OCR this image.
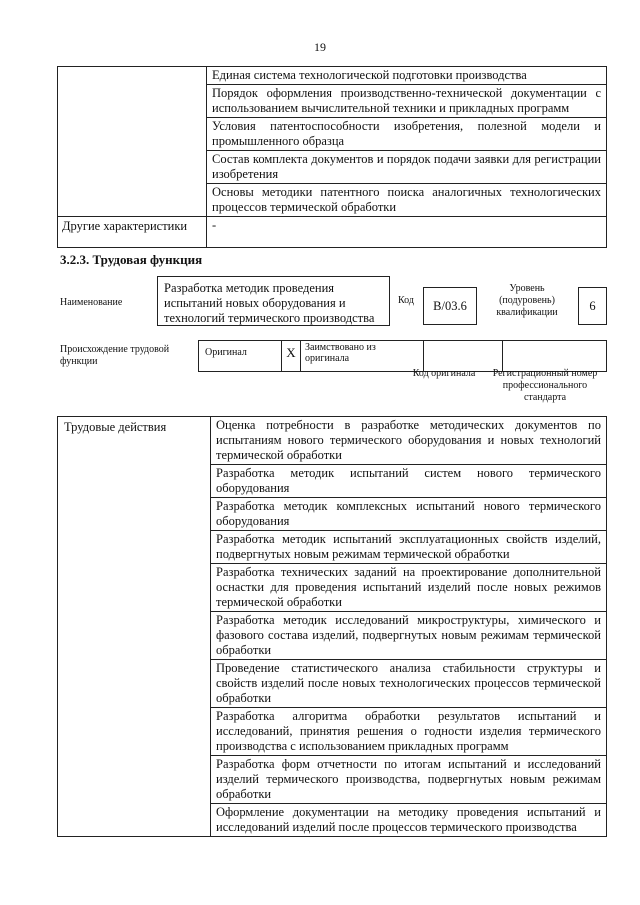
19
	Единая система технологической подготовки производства
	Порядок оформления производственно-технической документации с использованием вычислительной техники и прикладных программ
	Условия патентоспособности изобретения, полезной модели и промышленного образца
	Состав комплекта документов и порядок подачи заявки для регистрации изобретения
	Основы методики патентного поиска аналогичных технологических процессов термической обработки
Другие характеристики	-
3.2.3. Трудовая функция
Наименование
Разработка методик проведения испытаний новых оборудования и технологий термического производства
Код	B/03.6
Уровень (подуровень) квалификации	6
Происхождение трудовой функции
Оригинал	X	Заимствовано из оригинала		
Код оригинала	Регистрационный номер профессионального стандарта
Трудовые действия	Оценка потребности в разработке методических документов по испытаниям нового термического оборудования и новых технологий термической обработки
Разработка методик испытаний систем нового термического оборудования
Разработка методик комплексных испытаний нового термического оборудования
Разработка методик испытаний эксплуатационных свойств изделий, подвергнутых новым режимам термической обработки
Разработка технических заданий на проектирование дополнительной оснастки для проведения испытаний изделий после новых режимов термической обработки
Разработка методик исследований микроструктуры, химического и фазового состава изделий, подвергнутых новым режимам термической обработки
Проведение статистического анализа стабильности структуры и свойств изделий после новых технологических процессов термической обработки
Разработка алгоритма обработки результатов испытаний и исследований, принятия решения о годности изделия термического производства с использованием прикладных программ
Разработка форм отчетности по итогам испытаний и исследований изделий термического производства, подвергнутых новым режимам обработки
Оформление документации на методику проведения испытаний и исследований изделий после процессов термического производства
